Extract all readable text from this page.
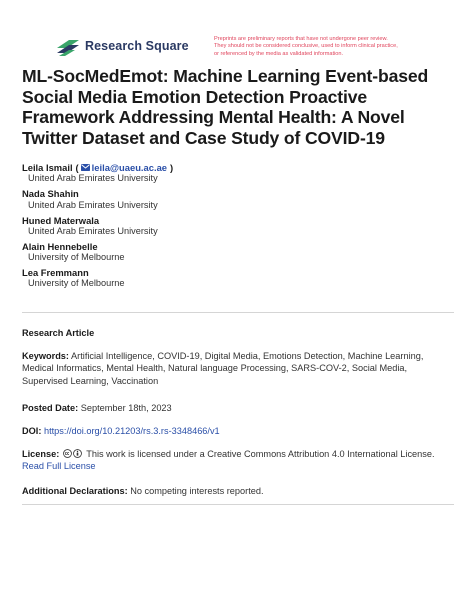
Research Square	Preprints are preliminary reports that have not undergone peer review.
They should not be considered conclusive, used to inform clinical practice,
or referenced by the media as validated information.
ML-SocMedEmot: Machine Learning Event-based Social Media Emotion Detection Proactive Framework Addressing Mental Health: A Novel Twitter Dataset and Case Study of COVID-19
Leila Ismail ( leila@uaeu.ac.ae )
United Arab Emirates University
Nada Shahin
United Arab Emirates University
Huned Materwala
United Arab Emirates University
Alain Hennebelle
University of Melbourne
Lea Fremmann
University of Melbourne
Research Article
Keywords: Artificial Intelligence, COVID-19, Digital Media, Emotions Detection, Machine Learning, Medical Informatics, Mental Health, Natural language Processing, SARS-COV-2, Social Media, Supervised Learning, Vaccination
Posted Date: September 18th, 2023
DOI: https://doi.org/10.21203/rs.3.rs-3348466/v1
License:	This work is licensed under a Creative Commons Attribution 4.0 International License.
Read Full License
Additional Declarations: No competing interests reported.
